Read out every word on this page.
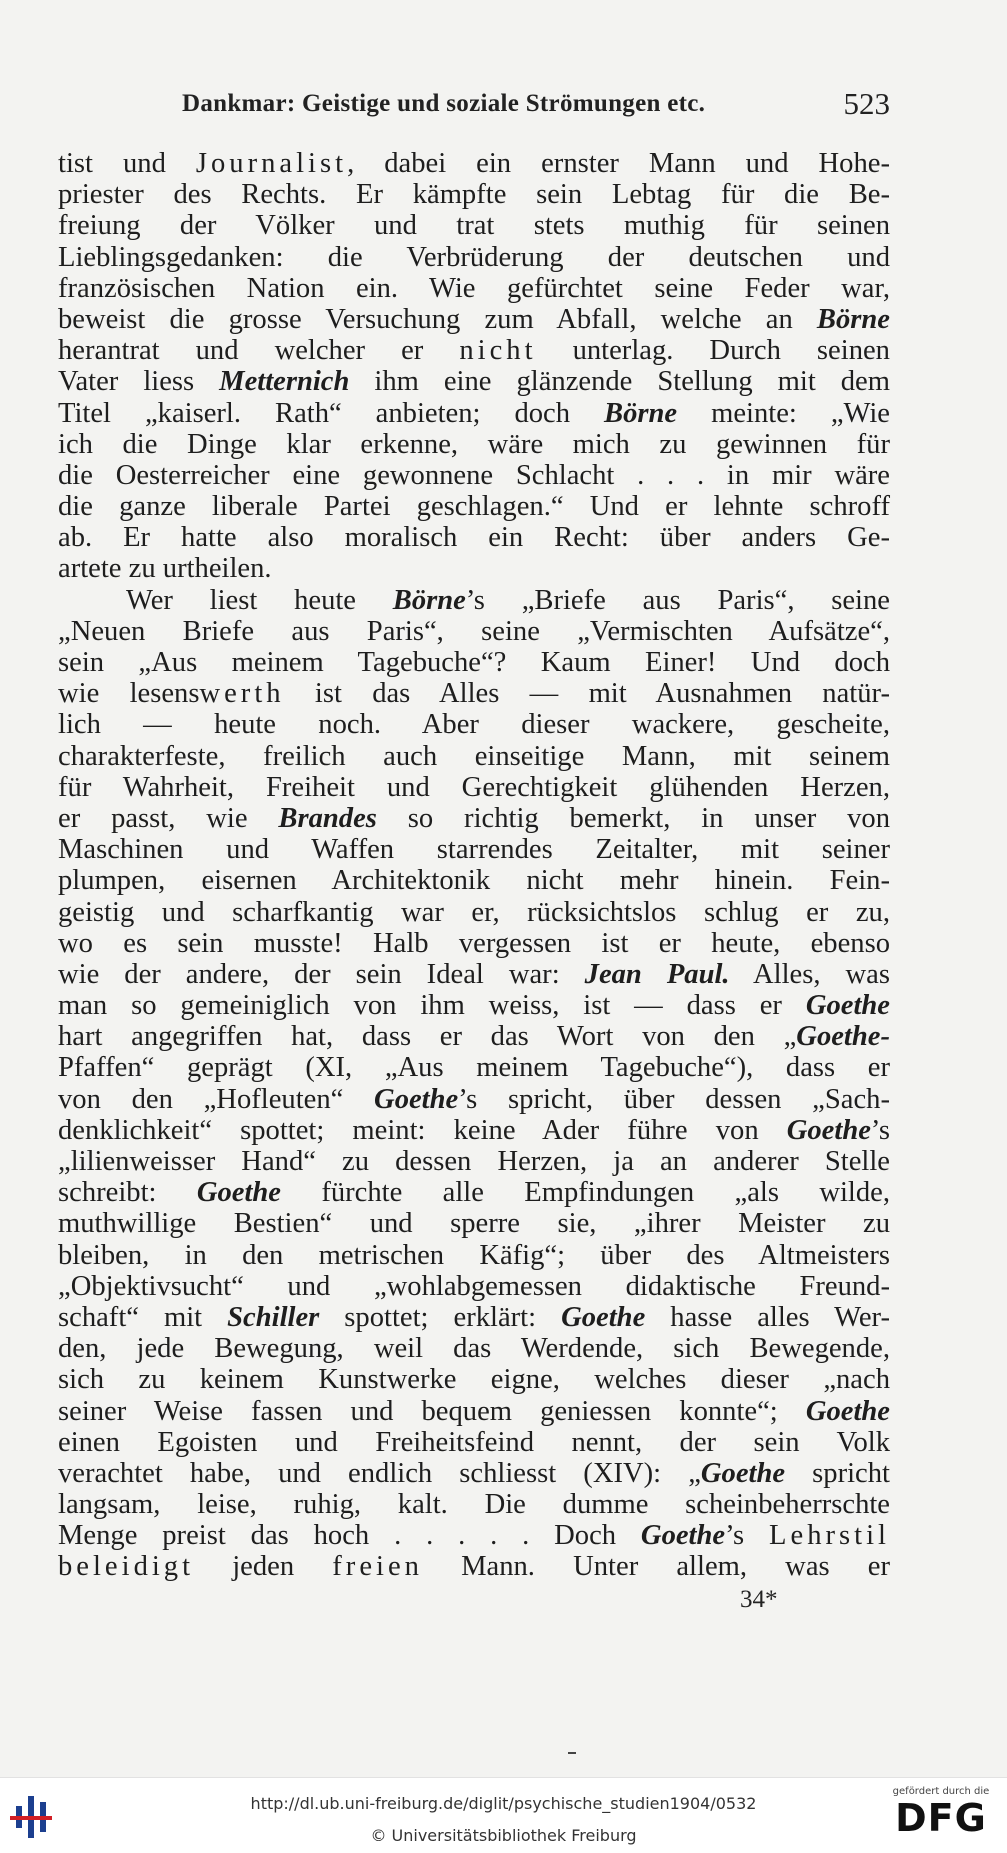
Dankmar: Geistige und soziale Strömungen etc.	523
tist und Journalist, dabei ein ernster Mann und Hohe-
priester des Rechts. Er kämpfte sein Lebtag für die Be-
freiung der Völker und trat stets muthig für seinen
Lieblingsgedanken: die Verbrüderung der deutschen und
französischen Nation ein. Wie gefürchtet seine Feder war,
beweist die grosse Versuchung zum Abfall, welche an Börne
herantrat und welcher er nicht unterlag. Durch seinen
Vater liess Metternich ihm eine glänzende Stellung mit dem
Titel „kaiserl. Rath“ anbieten; doch Börne meinte: „Wie
ich die Dinge klar erkenne, wäre mich zu gewinnen für
die Oesterreicher eine gewonnene Schlacht . . . in mir wäre
die ganze liberale Partei geschlagen.“ Und er lehnte schroff
ab. Er hatte also moralisch ein Recht: über anders Ge-
artete zu urtheilen.
Wer liest heute Börne’s „Briefe aus Paris“, seine
„Neuen Briefe aus Paris“, seine „Vermischten Aufsätze“,
sein „Aus meinem Tagebuche“? Kaum Einer! Und doch
wie lesenswerth ist das Alles — mit Ausnahmen natür-
lich — heute noch. Aber dieser wackere, gescheite,
charakterfeste, freilich auch einseitige Mann, mit seinem
für Wahrheit, Freiheit und Gerechtigkeit glühenden Herzen,
er passt, wie Brandes so richtig bemerkt, in unser von
Maschinen und Waffen starrendes Zeitalter, mit seiner
plumpen, eisernen Architektonik nicht mehr hinein. Fein-
geistig und scharfkantig war er, rücksichtslos schlug er zu,
wo es sein musste! Halb vergessen ist er heute, ebenso
wie der andere, der sein Ideal war: Jean Paul. Alles, was
man so gemeiniglich von ihm weiss, ist — dass er Goethe
hart angegriffen hat, dass er das Wort von den „Goethe-
Pfaffen“ geprägt (XI, „Aus meinem Tagebuche“), dass er
von den „Hofleuten“ Goethe’s spricht, über dessen „Sach-
denklichkeit“ spottet; meint: keine Ader führe von Goethe’s
„lilienweisser Hand“ zu dessen Herzen, ja an anderer Stelle
schreibt: Goethe fürchte alle Empfindungen „als wilde,
muthwillige Bestien“ und sperre sie, „ihrer Meister zu
bleiben, in den metrischen Käfig“; über des Altmeisters
„Objektivsucht“ und „wohlabgemessen didaktische Freund-
schaft“ mit Schiller spottet; erklärt: Goethe hasse alles Wer-
den, jede Bewegung, weil das Werdende, sich Bewegende,
sich zu keinem Kunstwerke eigne, welches dieser „nach
seiner Weise fassen und bequem geniessen konnte“; Goethe
einen Egoisten und Freiheitsfeind nennt, der sein Volk
verachtet habe, und endlich schliesst (XIV): „Goethe spricht
langsam, leise, ruhig, kalt. Die dumme scheinbeherrschte
Menge preist das hoch . . . . . Doch Goethe’s Lehrstil
beleidigt jeden freien Mann. Unter allem, was er
34*
http://dl.ub.uni-freiburg.de/diglit/psychische_studien1904/0532
© Universitätsbibliothek Freiburg
gefördert durch die
DFG
